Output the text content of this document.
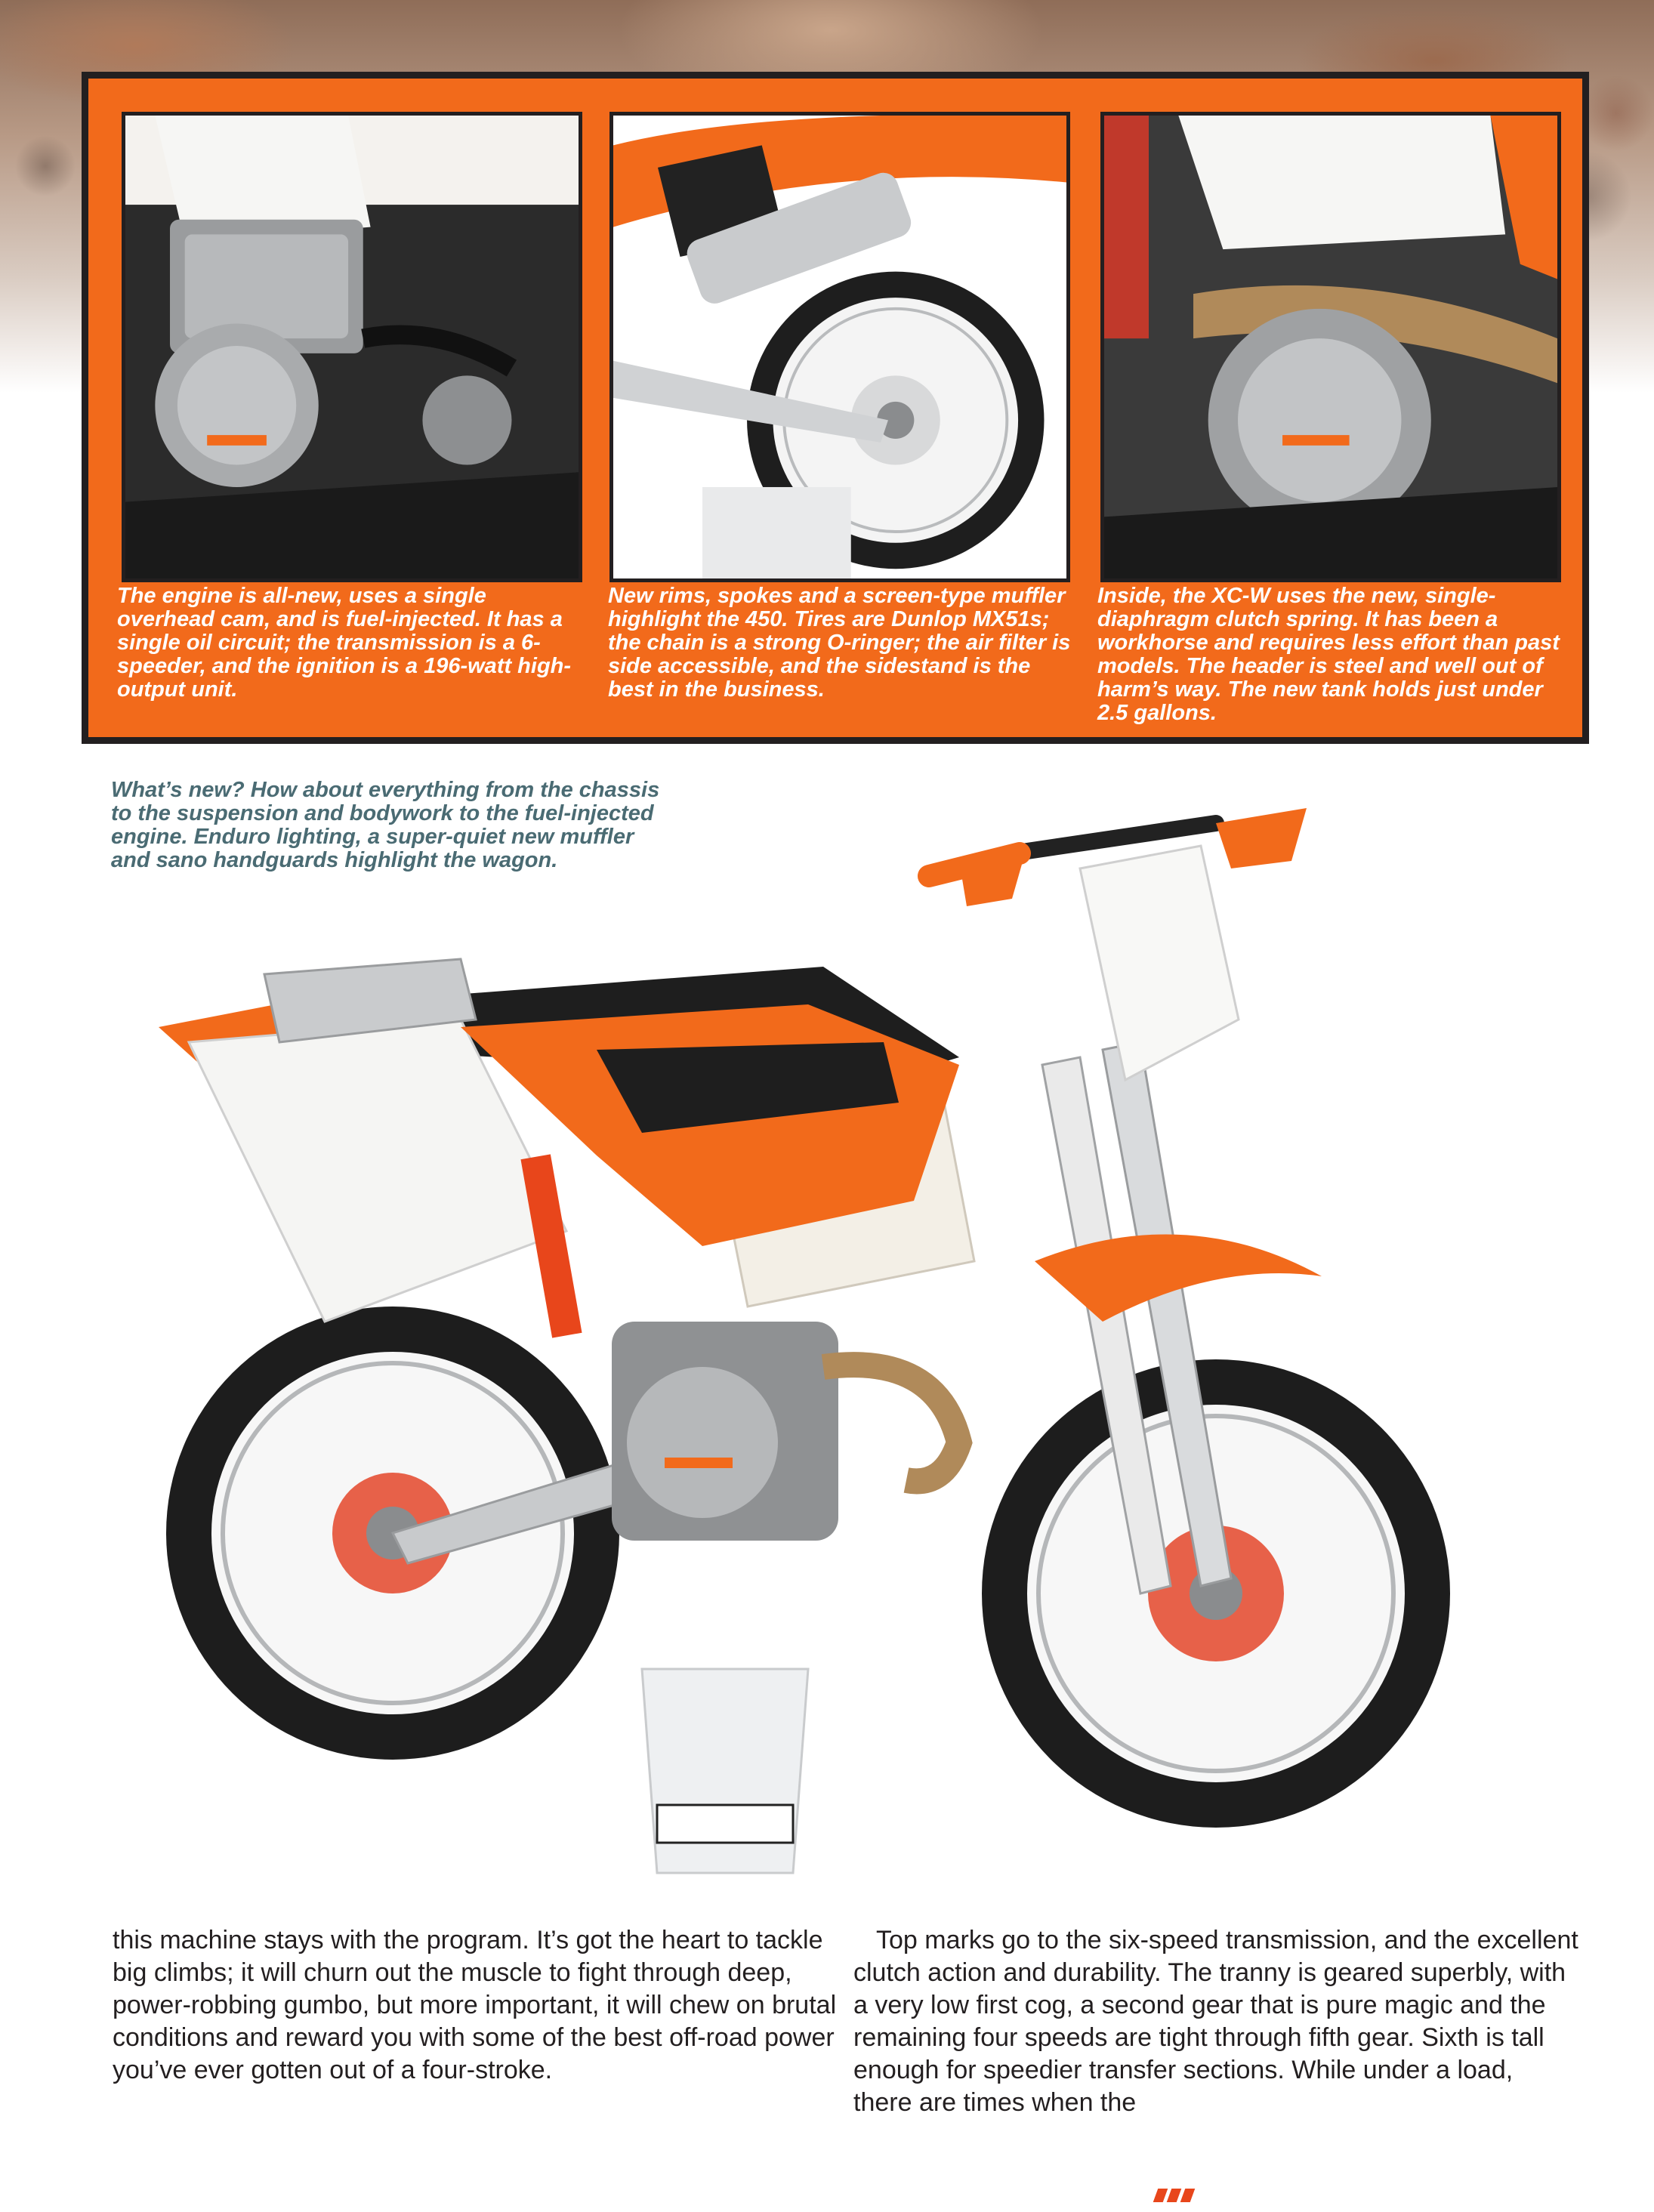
The engine is all-new, uses a single overhead cam, and is fuel-injected. It has a single oil circuit; the transmission is a 6-speeder, and the ignition is a 196-watt high-output unit.

New rims, spokes and a screen-type muffler highlight the 450. Tires are Dunlop MX51s; the chain is a strong O-ringer; the air filter is side accessible, and the sidestand is the best in the business.

Inside, the XC-W uses the new, single-diaphragm clutch spring. It has been a workhorse and requires less effort than past models. The header is steel and well out of harm’s way. The new tank holds just under 2.5 gallons.

What’s new? How about everything from the chassis to the suspension and bodywork to the fuel-injected engine. Enduro lighting, a super-quiet new muffler and sano handguards highlight the wagon.

this machine stays with the program. It’s got the heart to tackle big climbs; it will churn out the muscle to fight through deep, power-robbing gumbo, but more important, it will chew on brutal conditions and reward you with some of the best off-road power you’ve ever gotten out of a four-stroke.

Top marks go to the six-speed transmission, and the excellent clutch action and durability. The tranny is geared superbly, with a very low first cog, a second gear that is pure magic and the remaining four speeds are tight through fifth gear. Sixth is tall enough for speedier transfer sections. While under a load, there are times when the
